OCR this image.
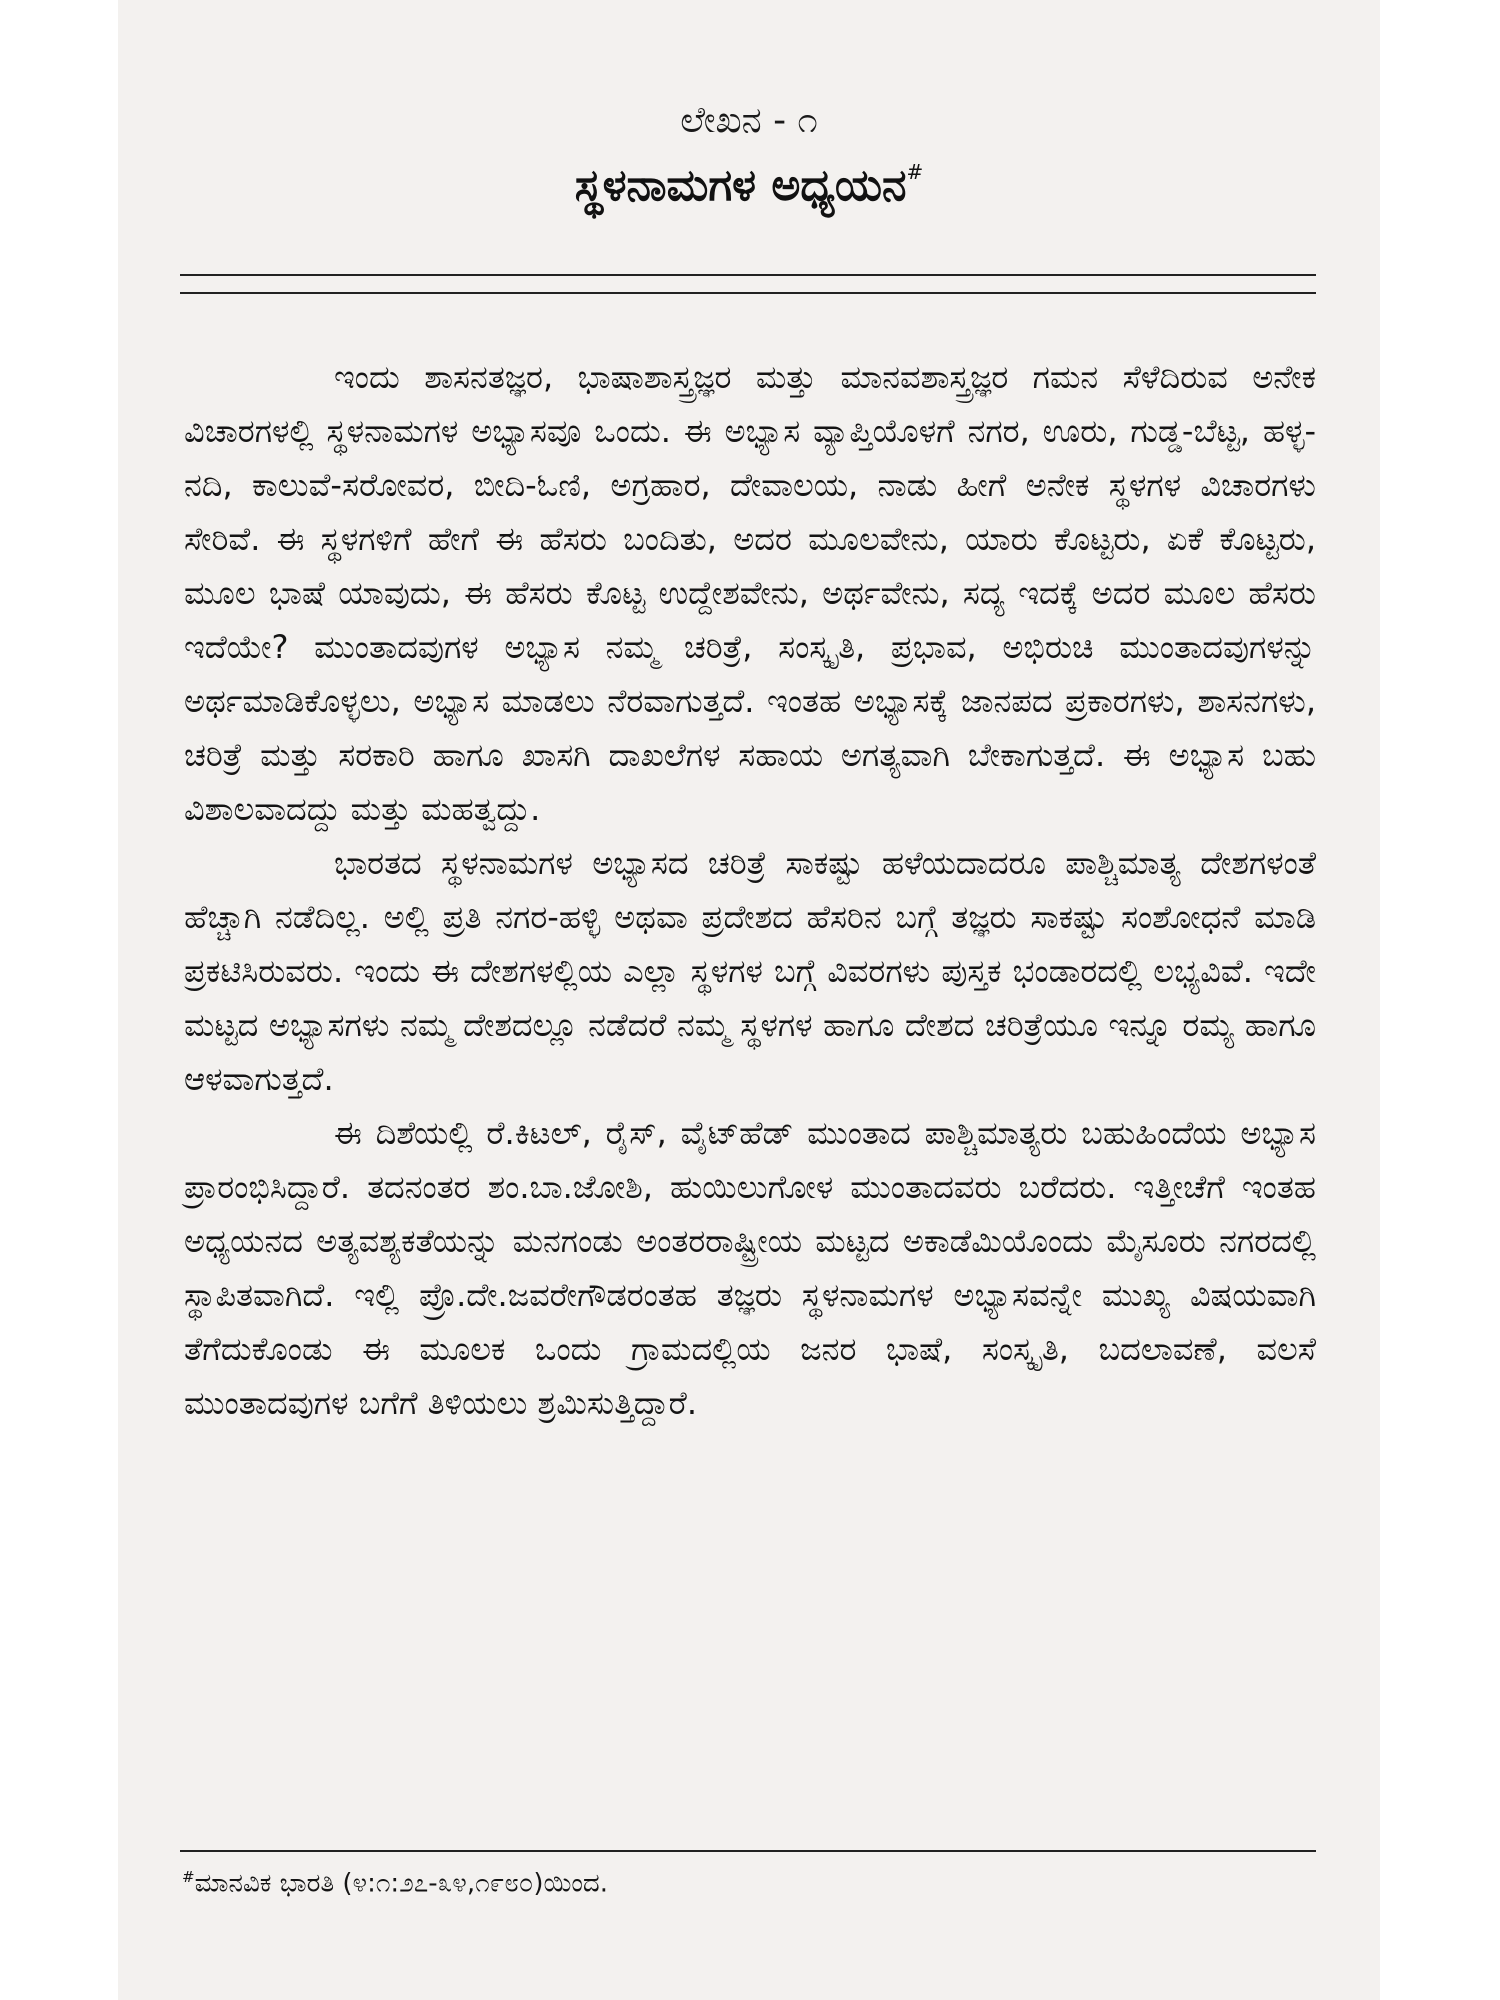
ಲೇಖನ - ೧
ಸ್ಥಳನಾಮಗಳ ಅಧ್ಯಯನ#

ಇಂದು ಶಾಸನತಜ್ಞರ, ಭಾಷಾಶಾಸ್ತ್ರಜ್ಞರ ಮತ್ತು ಮಾನವಶಾಸ್ತ್ರಜ್ಞರ ಗಮನ ಸೆಳೆದಿರುವ ಅನೇಕ ವಿಚಾರಗಳಲ್ಲಿ ಸ್ಥಳನಾಮಗಳ ಅಭ್ಯಾಸವೂ ಒಂದು. ಈ ಅಭ್ಯಾಸ ವ್ಯಾಪ್ತಿಯೊಳಗೆ ನಗರ, ಊರು, ಗುಡ್ಡ-ಬೆಟ್ಟ, ಹಳ್ಳ-ನದಿ, ಕಾಲುವೆ-ಸರೋವರ, ಬೀದಿ-ಓಣಿ, ಅಗ್ರಹಾರ, ದೇವಾಲಯ, ನಾಡು ಹೀಗೆ ಅನೇಕ ಸ್ಥಳಗಳ ವಿಚಾರಗಳು ಸೇರಿವೆ. ಈ ಸ್ಥಳಗಳಿಗೆ ಹೇಗೆ ಈ ಹೆಸರು ಬಂದಿತು, ಅದರ ಮೂಲವೇನು, ಯಾರು ಕೊಟ್ಟರು, ಏಕೆ ಕೊಟ್ಟರು, ಮೂಲ ಭಾಷೆ ಯಾವುದು, ಈ ಹೆಸರು ಕೊಟ್ಟ ಉದ್ದೇಶವೇನು, ಅರ್ಥವೇನು, ಸದ್ಯ ಇದಕ್ಕೆ ಅದರ ಮೂಲ ಹೆಸರು ಇದೆಯೇ? ಮುಂತಾದವುಗಳ ಅಭ್ಯಾಸ ನಮ್ಮ ಚರಿತ್ರೆ, ಸಂಸ್ಕೃತಿ, ಪ್ರಭಾವ, ಅಭಿರುಚಿ ಮುಂತಾದವುಗಳನ್ನು ಅರ್ಥಮಾಡಿಕೊಳ್ಳಲು, ಅಭ್ಯಾಸ ಮಾಡಲು ನೆರವಾಗುತ್ತದೆ. ಇಂತಹ ಅಭ್ಯಾಸಕ್ಕೆ ಜಾನಪದ ಪ್ರಕಾರಗಳು, ಶಾಸನಗಳು, ಚರಿತ್ರೆ ಮತ್ತು ಸರಕಾರಿ ಹಾಗೂ ಖಾಸಗಿ ದಾಖಲೆಗಳ ಸಹಾಯ ಅಗತ್ಯವಾಗಿ ಬೇಕಾಗುತ್ತದೆ. ಈ ಅಭ್ಯಾಸ ಬಹು ವಿಶಾಲವಾದದ್ದು ಮತ್ತು ಮಹತ್ವದ್ದು.

ಭಾರತದ ಸ್ಥಳನಾಮಗಳ ಅಭ್ಯಾಸದ ಚರಿತ್ರೆ ಸಾಕಷ್ಟು ಹಳೆಯದಾದರೂ ಪಾಶ್ಚಿಮಾತ್ಯ ದೇಶಗಳಂತೆ ಹೆಚ್ಚಾಗಿ ನಡೆದಿಲ್ಲ. ಅಲ್ಲಿ ಪ್ರತಿ ನಗರ-ಹಳ್ಳಿ ಅಥವಾ ಪ್ರದೇಶದ ಹೆಸರಿನ ಬಗ್ಗೆ ತಜ್ಞರು ಸಾಕಷ್ಟು ಸಂಶೋಧನೆ ಮಾಡಿ ಪ್ರಕಟಿಸಿರುವರು. ಇಂದು ಈ ದೇಶಗಳಲ್ಲಿಯ ಎಲ್ಲಾ ಸ್ಥಳಗಳ ಬಗ್ಗೆ ವಿವರಗಳು ಪುಸ್ತಕ ಭಂಡಾರದಲ್ಲಿ ಲಭ್ಯವಿವೆ. ಇದೇ ಮಟ್ಟದ ಅಭ್ಯಾಸಗಳು ನಮ್ಮ ದೇಶದಲ್ಲೂ ನಡೆದರೆ ನಮ್ಮ ಸ್ಥಳಗಳ ಹಾಗೂ ದೇಶದ ಚರಿತ್ರೆಯೂ ಇನ್ನೂ ರಮ್ಯ ಹಾಗೂ ಆಳವಾಗುತ್ತದೆ.

ಈ ದಿಶೆಯಲ್ಲಿ ರೆ.ಕಿಟಲ್, ರೈಸ್, ವೈಟ್‌ಹೆಡ್ ಮುಂತಾದ ಪಾಶ್ಚಿಮಾತ್ಯರು ಬಹುಹಿಂದೆಯ ಅಭ್ಯಾಸ ಪ್ರಾರಂಭಿಸಿದ್ದಾರೆ. ತದನಂತರ ಶಂ.ಬಾ.ಜೋಶಿ, ಹುಯಿಲುಗೋಳ ಮುಂತಾದವರು ಬರೆದರು. ಇತ್ತೀಚೆಗೆ ಇಂತಹ ಅಧ್ಯಯನದ ಅತ್ಯವಶ್ಯಕತೆಯನ್ನು ಮನಗಂಡು ಅಂತರರಾಷ್ಟ್ರೀಯ ಮಟ್ಟದ ಅಕಾಡೆಮಿಯೊಂದು ಮೈಸೂರು ನಗರದಲ್ಲಿ ಸ್ಥಾಪಿತವಾಗಿದೆ. ಇಲ್ಲಿ ಪ್ರೊ.ದೇ.ಜವರೇಗೌಡರಂತಹ ತಜ್ಞರು ಸ್ಥಳನಾಮಗಳ ಅಭ್ಯಾಸವನ್ನೇ ಮುಖ್ಯ ವಿಷಯವಾಗಿ ತೆಗೆದುಕೊಂಡು ಈ ಮೂಲಕ ಒಂದು ಗ್ರಾಮದಲ್ಲಿಯ ಜನರ ಭಾಷೆ, ಸಂಸ್ಕೃತಿ, ಬದಲಾವಣೆ, ವಲಸೆ ಮುಂತಾದವುಗಳ ಬಗೆಗೆ ತಿಳಿಯಲು ಶ್ರಮಿಸುತ್ತಿದ್ದಾರೆ.

#ಮಾನವಿಕ ಭಾರತಿ (೪:೧:೨೭-೩೪,೧೯೮೦)ಯಿಂದ.
